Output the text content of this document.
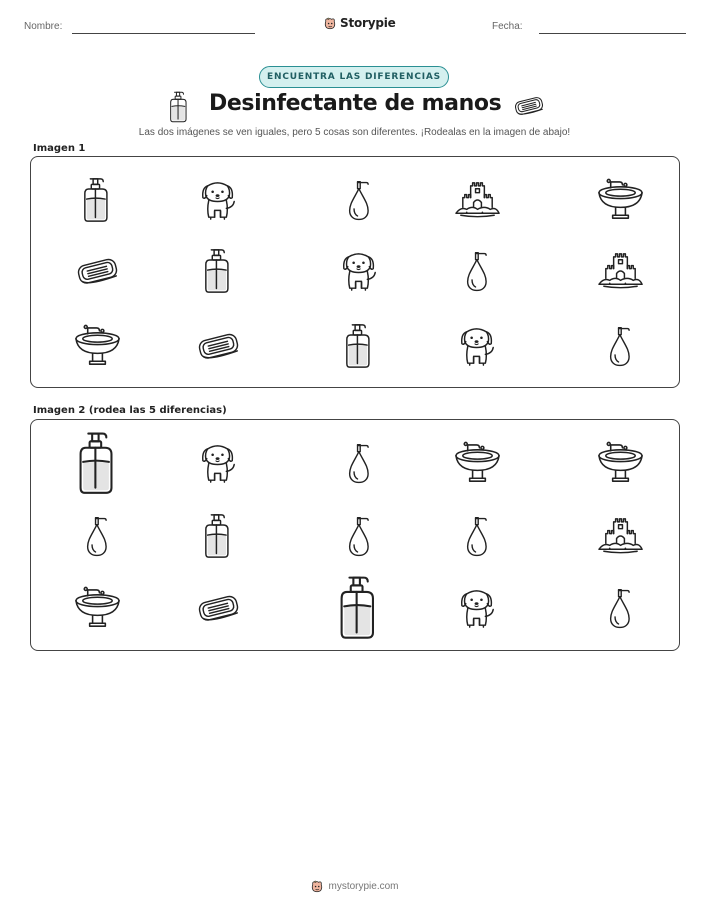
Nombre:	Storypie	Fecha:
ENCUENTRA LAS DIFERENCIAS
Desinfectante de manos

Las dos imágenes se ven iguales, pero 5 cosas son diferentes. ¡Rodealas en la imagen de abajo!

Imagen 1
Imagen 2 (rodea las 5 diferencias)
mystorypie.com
